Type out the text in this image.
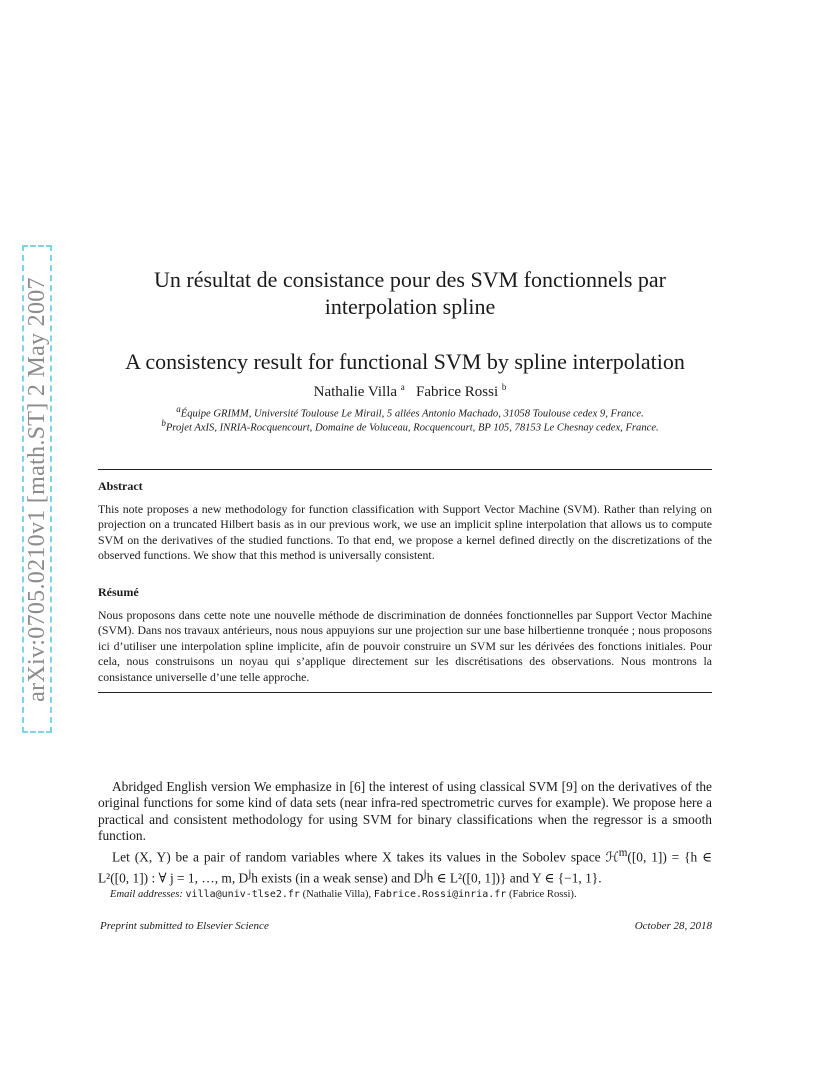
arXiv:0705.0210v1 [math.ST] 2 May 2007	Un résultat de consistance pour des SVM fonctionnels par
interpolation spline
A consistency result for functional SVM by spline interpolation
Nathalie Villa $^a$ Fabrice Rossi $^b$
$^a$Équipe GRIMM, Université Toulouse Le Mirail, 5 allées Antonio Machado, 31058 Toulouse cedex 9, France.
$^b$Projet AxIS, INRIA-Rocquencourt, Domaine de Voluceau, Rocquencourt, BP 105, 78153 Le Chesnay cedex, France.
Abstract
This note proposes a new methodology for function classification with Support Vector Machine (SVM). Rather than relying on projection on a truncated Hilbert basis as in our previous work, we use an implicit spline interpolation that allows us to compute SVM on the derivatives of the studied functions. To that end, we propose a kernel defined directly on the discretizations of the observed functions. We show that this method is universally consistent.
Résumé
Nous proposons dans cette note une nouvelle méthode de discrimination de données fonctionnelles par Support Vector Machine (SVM). Dans nos travaux antérieurs, nous nous appuyions sur une projection sur une base hilbertienne tronquée ; nous proposons ici d’utiliser une interpolation spline implicite, afin de pouvoir construire un SVM sur les dérivées des fonctions initiales. Pour cela, nous construisons un noyau qui s’applique directement sur les discrétisations des observations. Nous montrons la consistance universelle d’une telle approche.
Abridged English version We emphasize in [6] the interest of using classical SVM [9] on the derivatives of the original functions for some kind of data sets (near infra-red spectrometric curves for example). We propose here a practical and consistent methodology for using SVM for binary classifications when the regressor is a smooth function.
Let (X, Y) be a pair of random variables where X takes its values in the Sobolev space ℋ$^m$([0, 1]) = {h ∈ L²([0, 1]) : ∀ j = 1, …, m, $D^jh$ exists (in a weak sense) and $D^jh$ ∈ L²([0, 1])} and Y ∈ {−1, 1}.
Email addresses: villa@univ-tlse2.fr (Nathalie Villa), Fabrice.Rossi@inria.fr (Fabrice Rossi).
Preprint submitted to Elsevier Science	October 28, 2018
